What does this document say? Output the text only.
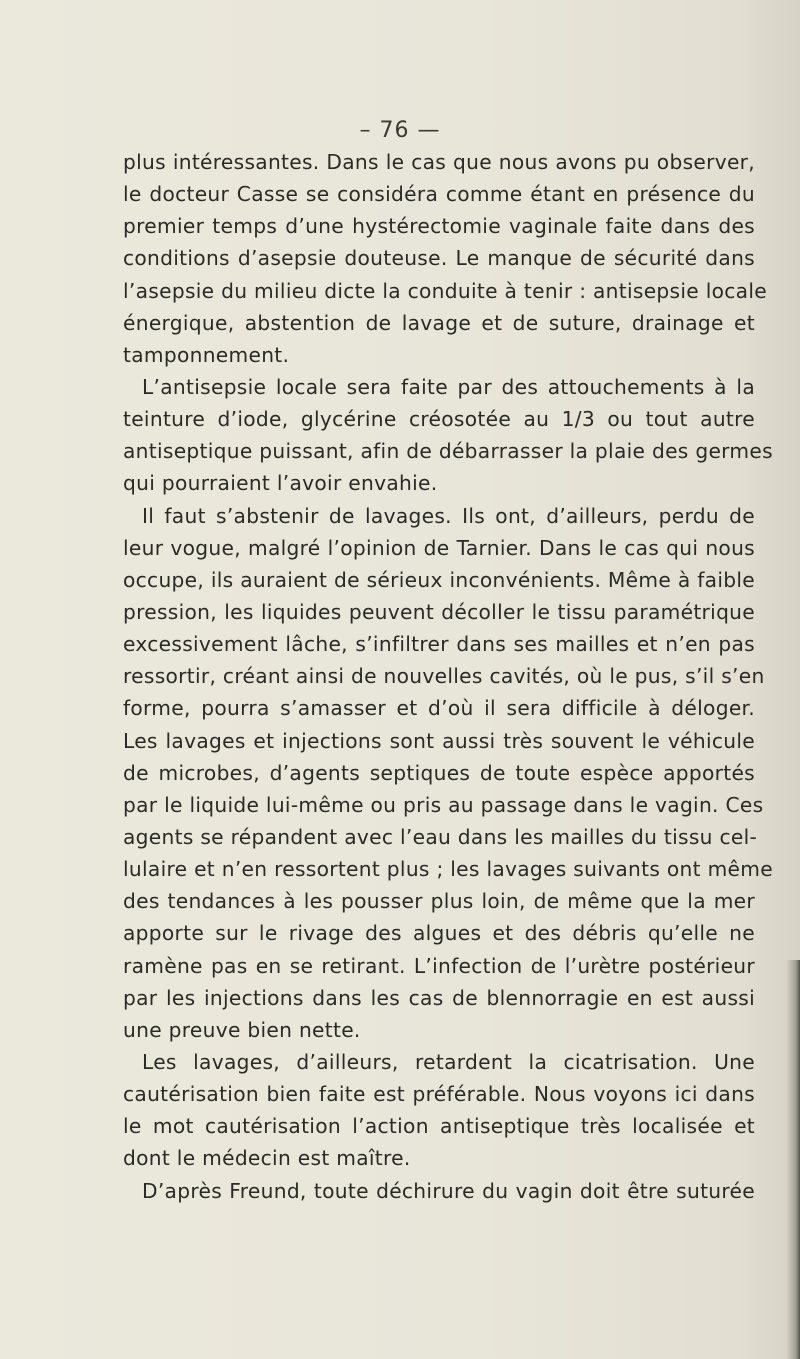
– 76 —
plus intéressantes. Dans le cas que nous avons pu observer,
le docteur Casse se considéra comme étant en présence du
premier temps d’une hystérectomie vaginale faite dans des
conditions d’asepsie douteuse. Le manque de sécurité dans
l’asepsie du milieu dicte la conduite à tenir : antisepsie locale
énergique, abstention de lavage et de suture, drainage et
tamponnement.
L’antisepsie locale sera faite par des attouchements à la
teinture d’iode, glycérine créosotée au 1/3 ou tout autre
antiseptique puissant, afin de débarrasser la plaie des germes
qui pourraient l’avoir envahie.
Il faut s’abstenir de lavages. Ils ont, d’ailleurs, perdu de
leur vogue, malgré l’opinion de Tarnier. Dans le cas qui nous
occupe, ils auraient de sérieux inconvénients. Même à faible
pression, les liquides peuvent décoller le tissu paramétrique
excessivement lâche, s’infiltrer dans ses mailles et n’en pas
ressortir, créant ainsi de nouvelles cavités, où le pus, s’il s’en
forme, pourra s’amasser et d’où il sera difficile à déloger.
Les lavages et injections sont aussi très souvent le véhicule
de microbes, d’agents septiques de toute espèce apportés
par le liquide lui-même ou pris au passage dans le vagin. Ces
agents se répandent avec l’eau dans les mailles du tissu cel-
lulaire et n’en ressortent plus ; les lavages suivants ont même
des tendances à les pousser plus loin, de même que la mer
apporte sur le rivage des algues et des débris qu’elle ne
ramène pas en se retirant. L’infection de l’urètre postérieur
par les injections dans les cas de blennorragie en est aussi
une preuve bien nette.
Les lavages, d’ailleurs, retardent la cicatrisation. Une
cautérisation bien faite est préférable. Nous voyons ici dans
le mot cautérisation l’action antiseptique très localisée et
dont le médecin est maître.
D’après Freund, toute déchirure du vagin doit être suturée
